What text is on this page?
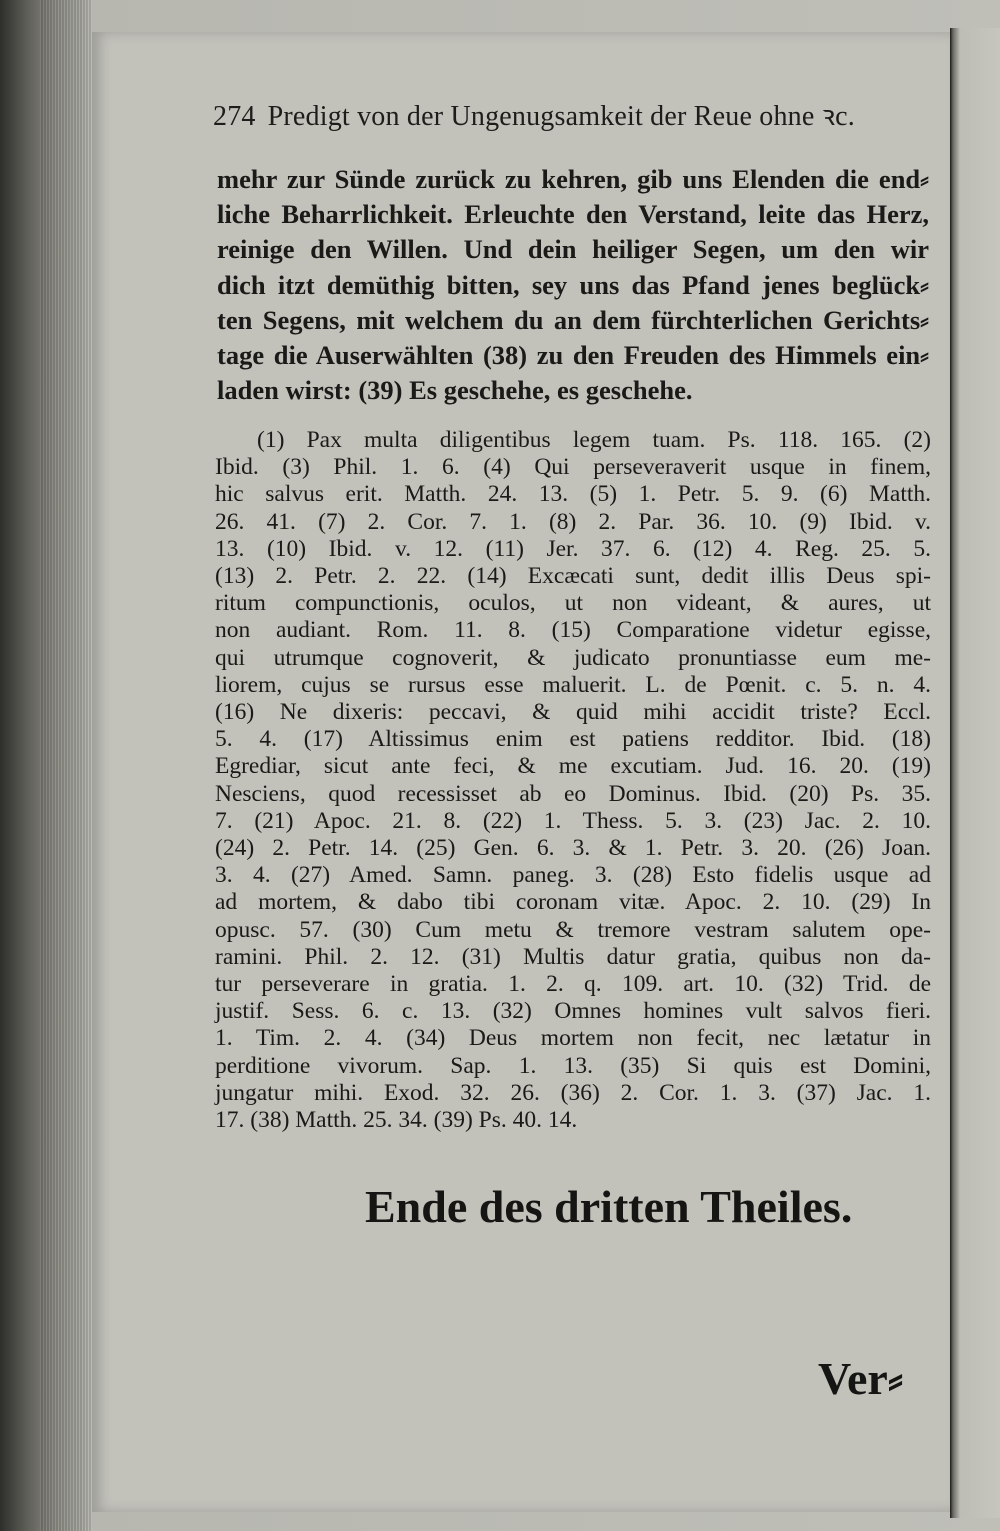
274 Predigt von der Ungenugsamkeit der Reue ohne ꝛc.
mehr zur Sünde zurück zu kehren, gib uns Elenden die end⸗
liche Beharrlichkeit. Erleuchte den Verstand, leite das Herz,
reinige den Willen. Und dein heiliger Segen, um den wir
dich itzt demüthig bitten, sey uns das Pfand jenes beglück⸗
ten Segens, mit welchem du an dem fürchterlichen Gerichts⸗
tage die Auserwählten (38) zu den Freuden des Himmels ein⸗
laden wirst: (39) Es geschehe, es geschehe.
(1) Pax multa diligentibus legem tuam. Ps. 118. 165. (2)
Ibid. (3) Phil. 1. 6. (4) Qui perseveraverit usque in finem,
hic salvus erit. Matth. 24. 13. (5) 1. Petr. 5. 9. (6) Matth.
26. 41. (7) 2. Cor. 7. 1. (8) 2. Par. 36. 10. (9) Ibid. v.
13. (10) Ibid. v. 12. (11) Jer. 37. 6. (12) 4. Reg. 25. 5.
(13) 2. Petr. 2. 22. (14) Excæcati sunt, dedit illis Deus spi-
ritum compunctionis, oculos, ut non videant, & aures, ut
non audiant. Rom. 11. 8. (15) Comparatione videtur egisse,
qui utrumque cognoverit, & judicato pronuntiasse eum me-
liorem, cujus se rursus esse maluerit. L. de Pœnit. c. 5. n. 4.
(16) Ne dixeris: peccavi, & quid mihi accidit triste? Eccl.
5. 4. (17) Altissimus enim est patiens redditor. Ibid. (18)
Egrediar, sicut ante feci, & me excutiam. Jud. 16. 20. (19)
Nesciens, quod recessisset ab eo Dominus. Ibid. (20) Ps. 35.
7. (21) Apoc. 21. 8. (22) 1. Thess. 5. 3. (23) Jac. 2. 10.
(24) 2. Petr. 14. (25) Gen. 6. 3. & 1. Petr. 3. 20. (26) Joan.
3. 4. (27) Amed. Samn. paneg. 3. (28) Esto fidelis usque ad
ad mortem, & dabo tibi coronam vitæ. Apoc. 2. 10. (29) In
opusc. 57. (30) Cum metu & tremore vestram salutem ope-
ramini. Phil. 2. 12. (31) Multis datur gratia, quibus non da-
tur perseverare in gratia. 1. 2. q. 109. art. 10. (32) Trid. de
justif. Sess. 6. c. 13. (32) Omnes homines vult salvos fieri.
1. Tim. 2. 4. (34) Deus mortem non fecit, nec lætatur in
perditione vivorum. Sap. 1. 13. (35) Si quis est Domini,
jungatur mihi. Exod. 32. 26. (36) 2. Cor. 1. 3. (37) Jac. 1.
17. (38) Matth. 25. 34. (39) Ps. 40. 14.
Ende des dritten Theiles.
Ver⸗
